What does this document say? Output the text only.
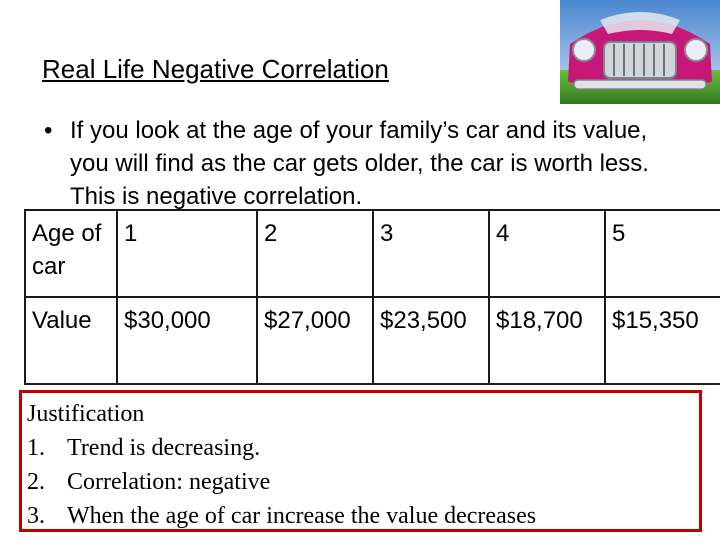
Real Life Negative Correlation
• If you look at the age of your family’s car and its value, you will find as the car gets older, the car is worth less. This is negative correlation.
Age of car	1	2	3	4	5
Value	$30,000	$27,000	$23,500	$18,700	$15,350
Justification
1. Trend is decreasing.
2. Correlation: negative
3. When the age of car increase the value decreases
